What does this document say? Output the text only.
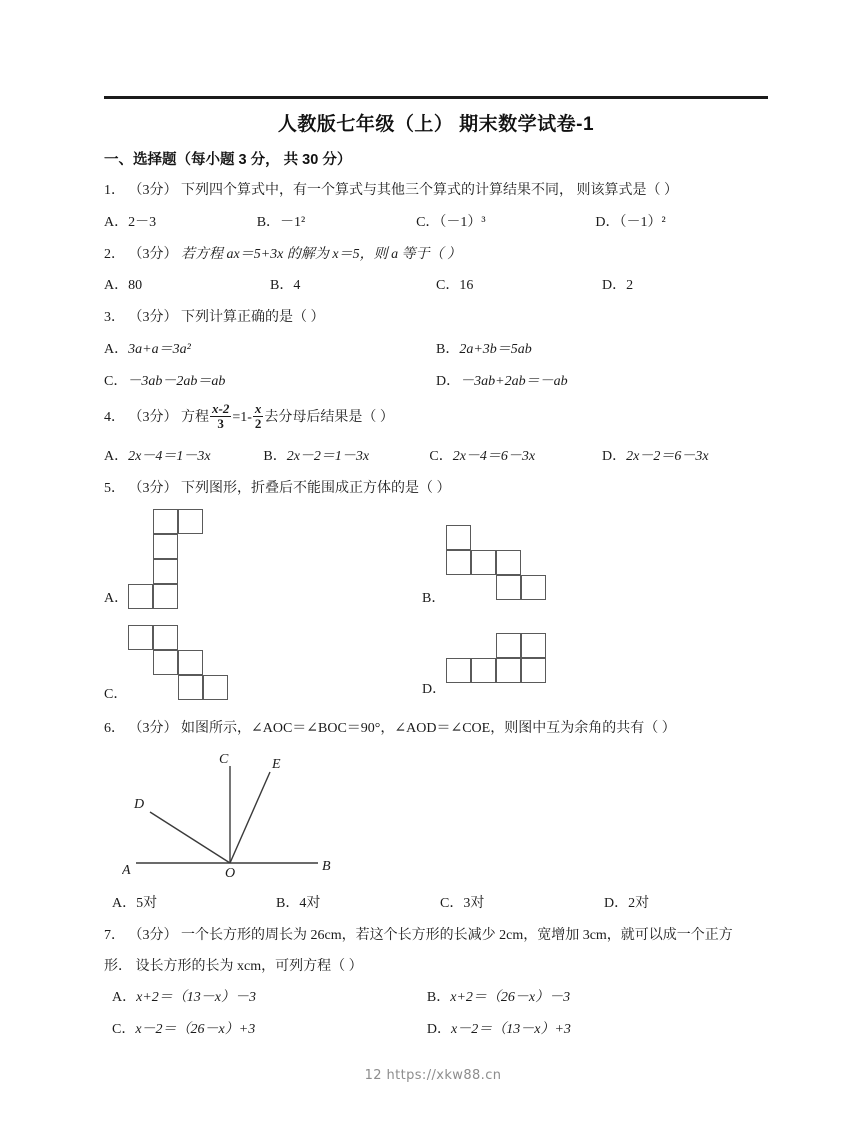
人教版七年级（上） 期末数学试卷-1
一、选择题（每小题 3 分， 共 30 分）
1． （3分） 下列四个算式中，有一个算式与其他三个算式的计算结果不同， 则该算式是（ ）
A．2－3	B．－1²	C．（－1）³	D．（－1）²
2． （3分） 若方程 ax＝5+3x 的解为 x＝5，则 a 等于（ ）
A．80	B．4	C．16	D．2
3． （3分） 下列计算正确的是（ ）
A．3a+a＝3a²	B．2a+3b＝5ab
C．－3ab－2ab＝ab	D．－3ab+2ab＝－ab
4． （3分） 方程 $\frac{x-2}{3} =1- \frac{x}{2}$ 去分母后结果是（ ）
A．2x－4＝1－3x	B．2x－2＝1－3x	C．2x－4＝6－3x	D．2x－2＝6－3x
5． （3分） 下列图形，折叠后不能围成正方体的是（ ）
A．	B．
C．	D．
6． （3分） 如图所示，∠AOC＝∠BOC＝90°，∠AOD＝∠COE，则图中互为余角的共有（ ）
C	E
D
A	O	B
A．5对	B．4对	C．3对	D．2对
7． （3分） 一个长方形的周长为 26cm，若这个长方形的长减少 2cm，宽增加 3cm，就可以成一个正方
形． 设长方形的长为 xcm，可列方程（ ）
A．x+2＝（13－x）－3	B．x+2＝（26－x）－3
C．x－2＝（26－x）+3	D．x－2＝（13－x）+3
12 https://xkw88.cn
